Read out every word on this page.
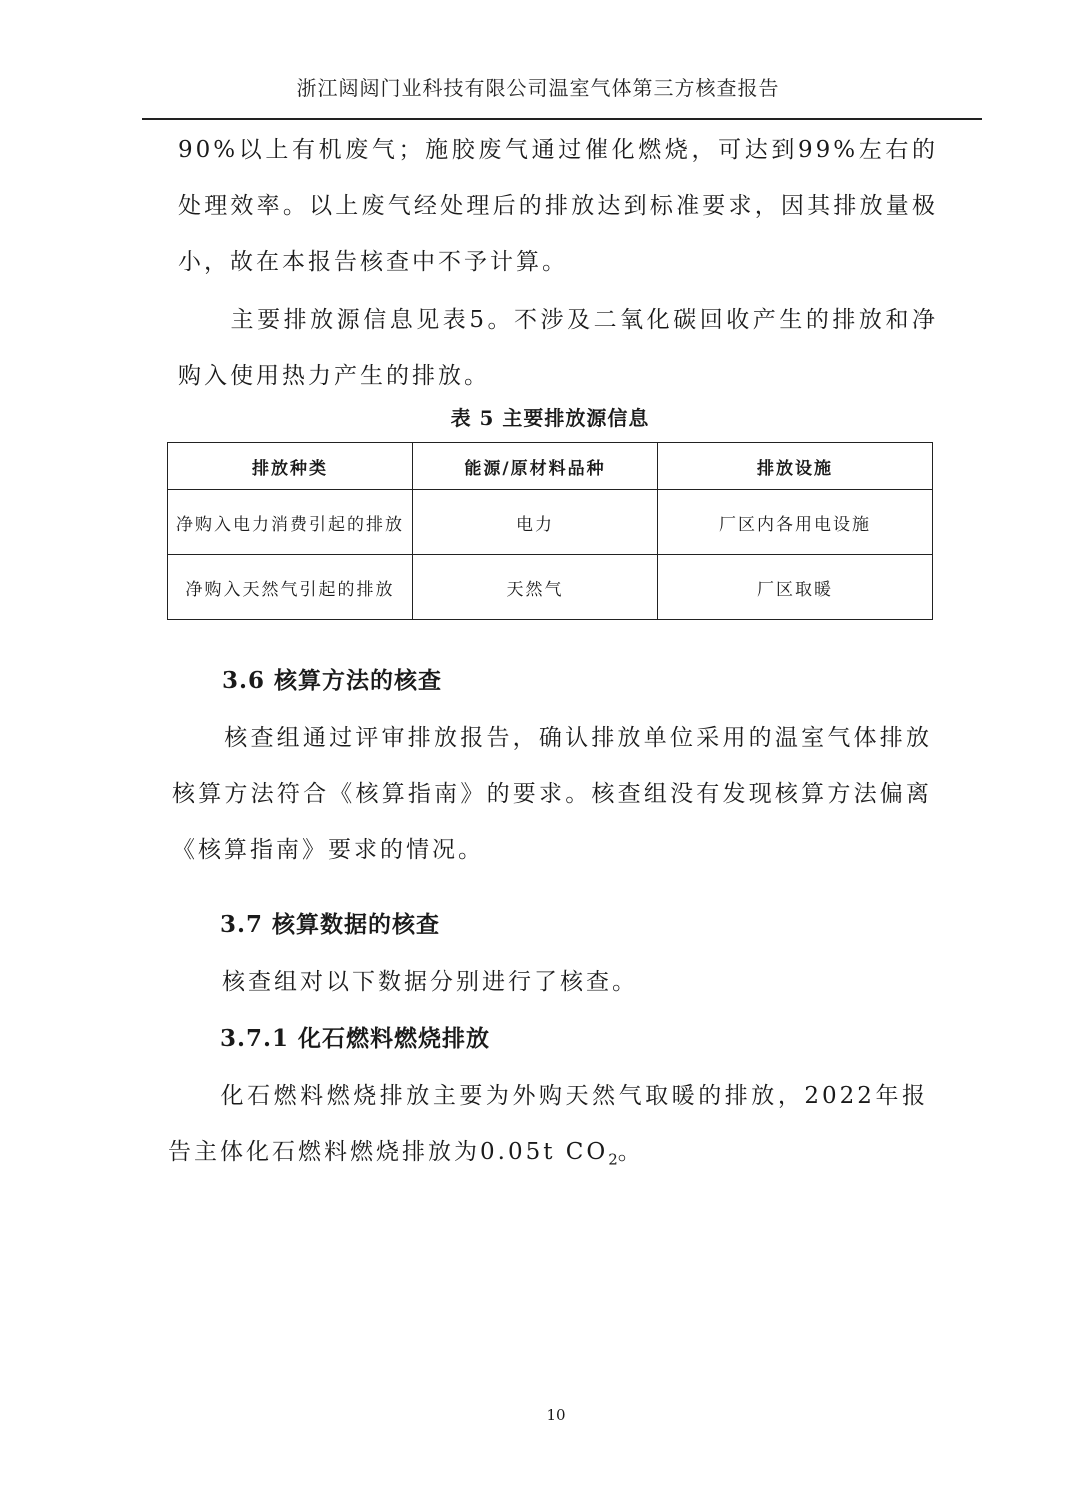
浙江闼闼门业科技有限公司温室气体第三方核查报告
90%以上有机废气；施胶废气通过催化燃烧，可达到99%左右的处理效率。以上废气经处理后的排放达到标准要求，因其排放量极小，故在本报告核查中不予计算。
主要排放源信息见表5。不涉及二氧化碳回收产生的排放和净购入使用热力产生的排放。
表 5 主要排放源信息
排放种类	能源/原材料品种	排放设施
净购入电力消费引起的排放	电力	厂区内各用电设施
净购入天然气引起的排放	天然气	厂区取暖
3.6 核算方法的核查
核查组通过评审排放报告，确认排放单位采用的温室气体排放核算方法符合《核算指南》的要求。核查组没有发现核算方法偏离《核算指南》要求的情况。
3.7 核算数据的核查
核查组对以下数据分别进行了核查。
3.7.1 化石燃料燃烧排放
化石燃料燃烧排放主要为外购天然气取暖的排放，2022年报告主体化石燃料燃烧排放为0.05t $CO_2$。
10
